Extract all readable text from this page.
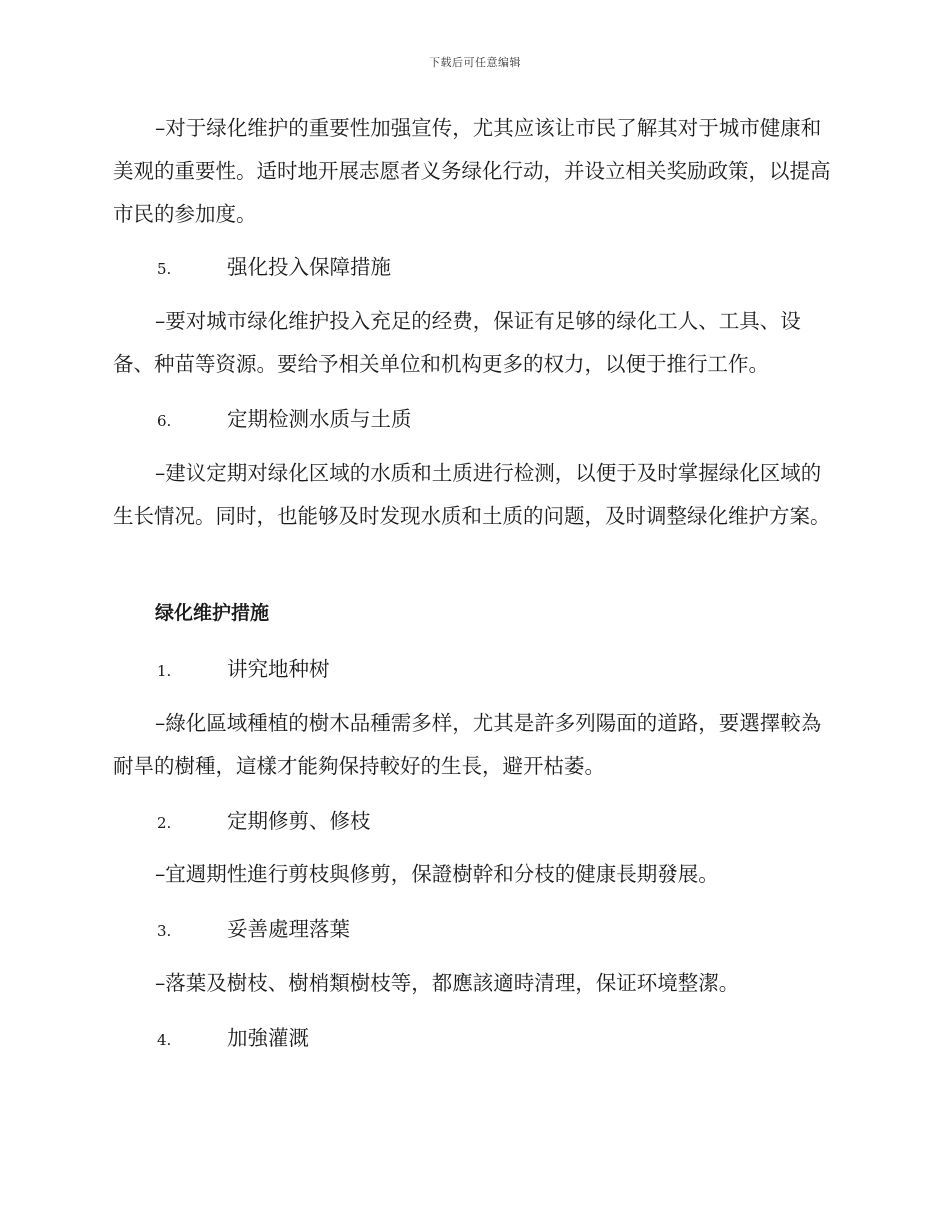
下载后可任意编辑

–对于绿化维护的重要性加强宣传，尤其应该让市民了解其对于城市健康和美观的重要性。适时地开展志愿者义务绿化行动，并设立相关奖励政策，以提高市民的参加度。

5.	强化投入保障措施

–要对城市绿化维护投入充足的经费，保证有足够的绿化工人、工具、设备、种苗等资源。要给予相关单位和机构更多的权力，以便于推行工作。

6.	定期检测水质与土质

–建议定期对绿化区域的水质和土质进行检测，以便于及时掌握绿化区域的生长情况。同时，也能够及时发现水质和土质的问题，及时调整绿化维护方案。

绿化维护措施

1.	讲究地种树

–綠化區域種植的樹木品種需多样，尤其是許多列陽面的道路，要選擇較為耐旱的樹種，這樣才能夠保持較好的生長，避开枯萎。

2.	定期修剪、修枝

–宜週期性進行剪枝與修剪，保證樹幹和分枝的健康長期發展。

3.	妥善處理落葉

–落葉及樹枝、樹梢類樹枝等，都應該適時清理，保证环境整潔。

4.	加強灌溉
